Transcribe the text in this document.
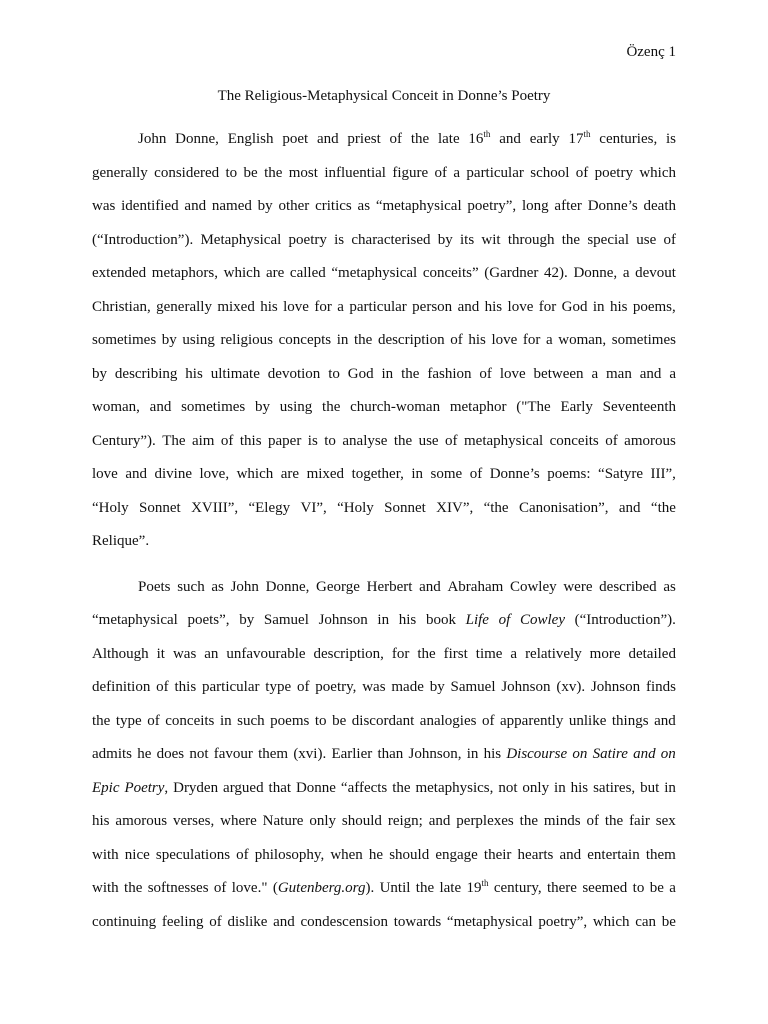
Özenç 1
The Religious-Metaphysical Conceit in Donne’s Poetry
John Donne, English poet and priest of the late 16th and early 17th centuries, is
generally considered to be the most influential figure of a particular school of poetry which
was identified and named by other critics as “metaphysical poetry”, long after Donne’s death
(“Introduction”). Metaphysical poetry is characterised by its wit through the special use of
extended metaphors, which are called “metaphysical conceits” (Gardner 42). Donne, a devout
Christian, generally mixed his love for a particular person and his love for God in his poems,
sometimes by using religious concepts in the description of his love for a woman, sometimes
by describing his ultimate devotion to God in the fashion of love between a man and a
woman, and sometimes by using the church-woman metaphor ("The Early Seventeenth
Century”). The aim of this paper is to analyse the use of metaphysical conceits of amorous
love and divine love, which are mixed together, in some of Donne’s poems: “Satyre III”,
“Holy Sonnet XVIII”, “Elegy VI”, “Holy Sonnet XIV”, “the Canonisation”, and “the
Relique”.
Poets such as John Donne, George Herbert and Abraham Cowley were described as
“metaphysical poets”, by Samuel Johnson in his book Life of Cowley (“Introduction”).
Although it was an unfavourable description, for the first time a relatively more detailed
definition of this particular type of poetry, was made by Samuel Johnson (xv). Johnson finds
the type of conceits in such poems to be discordant analogies of apparently unlike things and
admits he does not favour them (xvi). Earlier than Johnson, in his Discourse on Satire and on
Epic Poetry, Dryden argued that Donne “affects the metaphysics, not only in his satires, but in
his amorous verses, where Nature only should reign; and perplexes the minds of the fair sex
with nice speculations of philosophy, when he should engage their hearts and entertain them
with the softnesses of love." (Gutenberg.org). Until the late 19th century, there seemed to be a
continuing feeling of dislike and condescension towards “metaphysical poetry”, which can be
